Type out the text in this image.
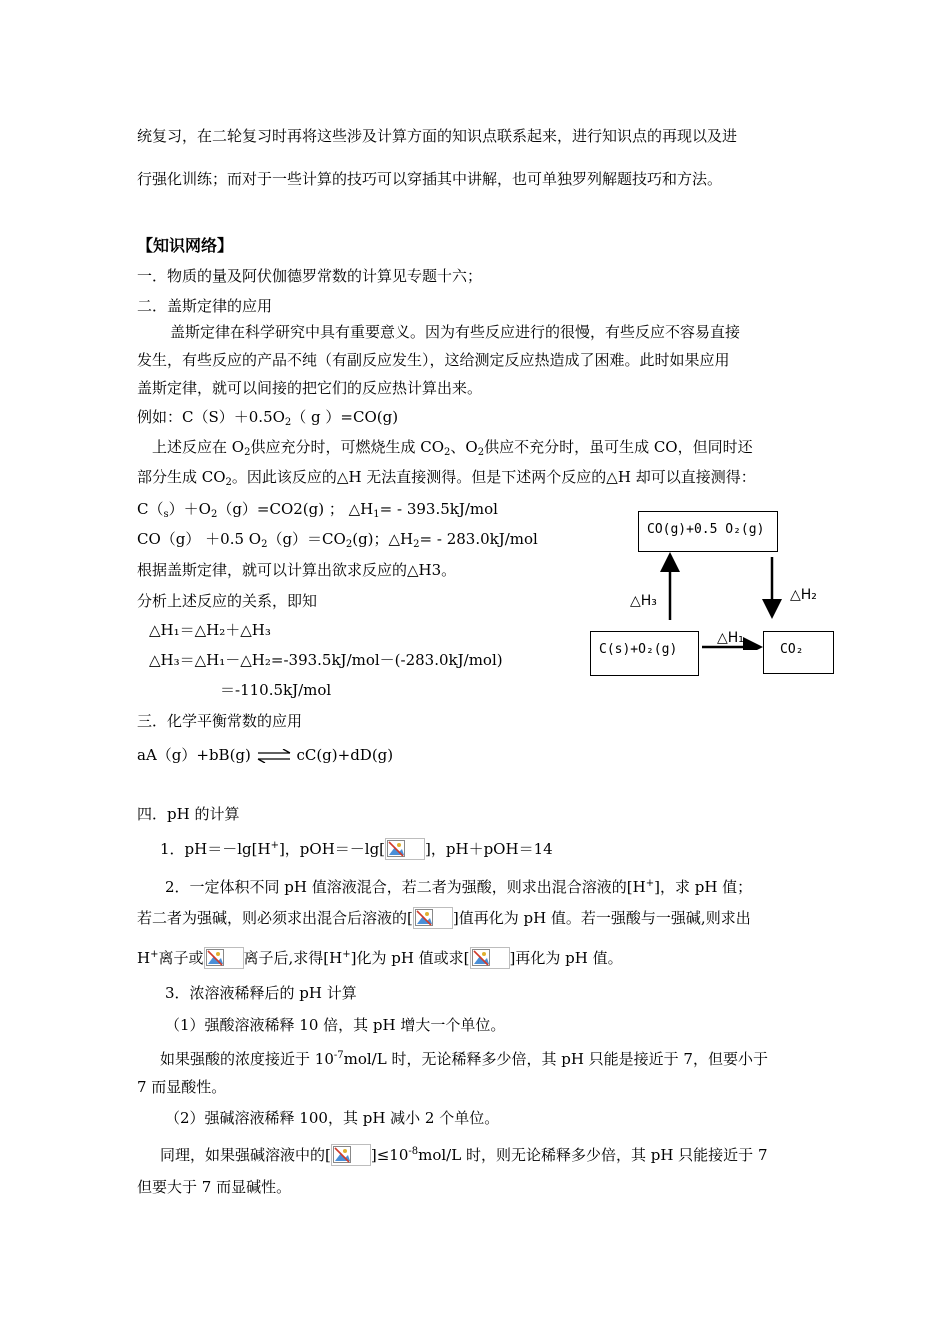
统复习，在二轮复习时再将这些涉及计算方面的知识点联系起来，进行知识点的再现以及进
行强化训练；而对于一些计算的技巧可以穿插其中讲解，也可单独罗列解题技巧和方法。
【知识网络】
一．物质的量及阿伏伽德罗常数的计算见专题十六；
二．盖斯定律的应用
盖斯定律在科学研究中具有重要意义。因为有些反应进行的很慢，有些反应不容易直接
发生，有些反应的产品不纯（有副反应发生），这给测定反应热造成了困难。此时如果应用
盖斯定律，就可以间接的把它们的反应热计算出来。
例如：$C(S)+0.5O_2$（ g ）=CO(g)
上述反应在 $O_2$供应充分时，可燃烧生成 $CO_2$、$O_2$供应不充分时，虽可生成 CO，但同时还
部分生成 $CO_2$。因此该反应的△H 无法直接测得。但是下述两个反应的△H 却可以直接测得：
$C(_s)+O_2(g)=CO2(g)$ ； $\triangle H_1= - 393.5kJ/mol$
CO（g） ＋0.5 $O_2(g)=CO_2(g)$；$\triangle H_2= - 283.0kJ/mol$
根据盖斯定律，就可以计算出欲求反应的△H3。
分析上述反应的关系，即知
△H₁＝△H₂＋△H₃
△H₃＝△H₁－△H₂=-393.5kJ/mol－(-283.0kJ/mol)
＝-110.5kJ/mol
CO(g)+0.5 O₂(g)
C(s)+O₂(g)	CO₂
△H₃	△H₂
△H₁
三．化学平衡常数的应用
aA（g）+bB(g) ⇌ cC(g)+dD(g)
四．pH 的计算
1．pH＝－lg[H+]，pOH＝－lg[	]，pH＋pOH＝14
2．一定体积不同 pH 值溶液混合，若二者为强酸，则求出混合溶液的[H+]，求 pH 值；
若二者为强碱，则必须求出混合后溶液的[	]值再化为 pH 值。若一强酸与一强碱,则求出
H+离子或	离子后,求得[H+]化为 pH 值或求[	]再化为 pH 值。
3．浓溶液稀释后的 pH 计算
（1）强酸溶液稀释 10 倍，其 pH 增大一个单位。
如果强酸的浓度接近于 $10^{-7}mol/L$ 时，无论稀释多少倍，其 pH 只能是接近于 7，但要小于
7 而显酸性。
（2）强碱溶液稀释 100，其 pH 减小 2 个单位。
同理，如果强碱溶液中的[	]$\le 10^{-8}mol/L$ 时，则无论稀释多少倍，其 pH 只能接近于 7
但要大于 7 而显碱性。
